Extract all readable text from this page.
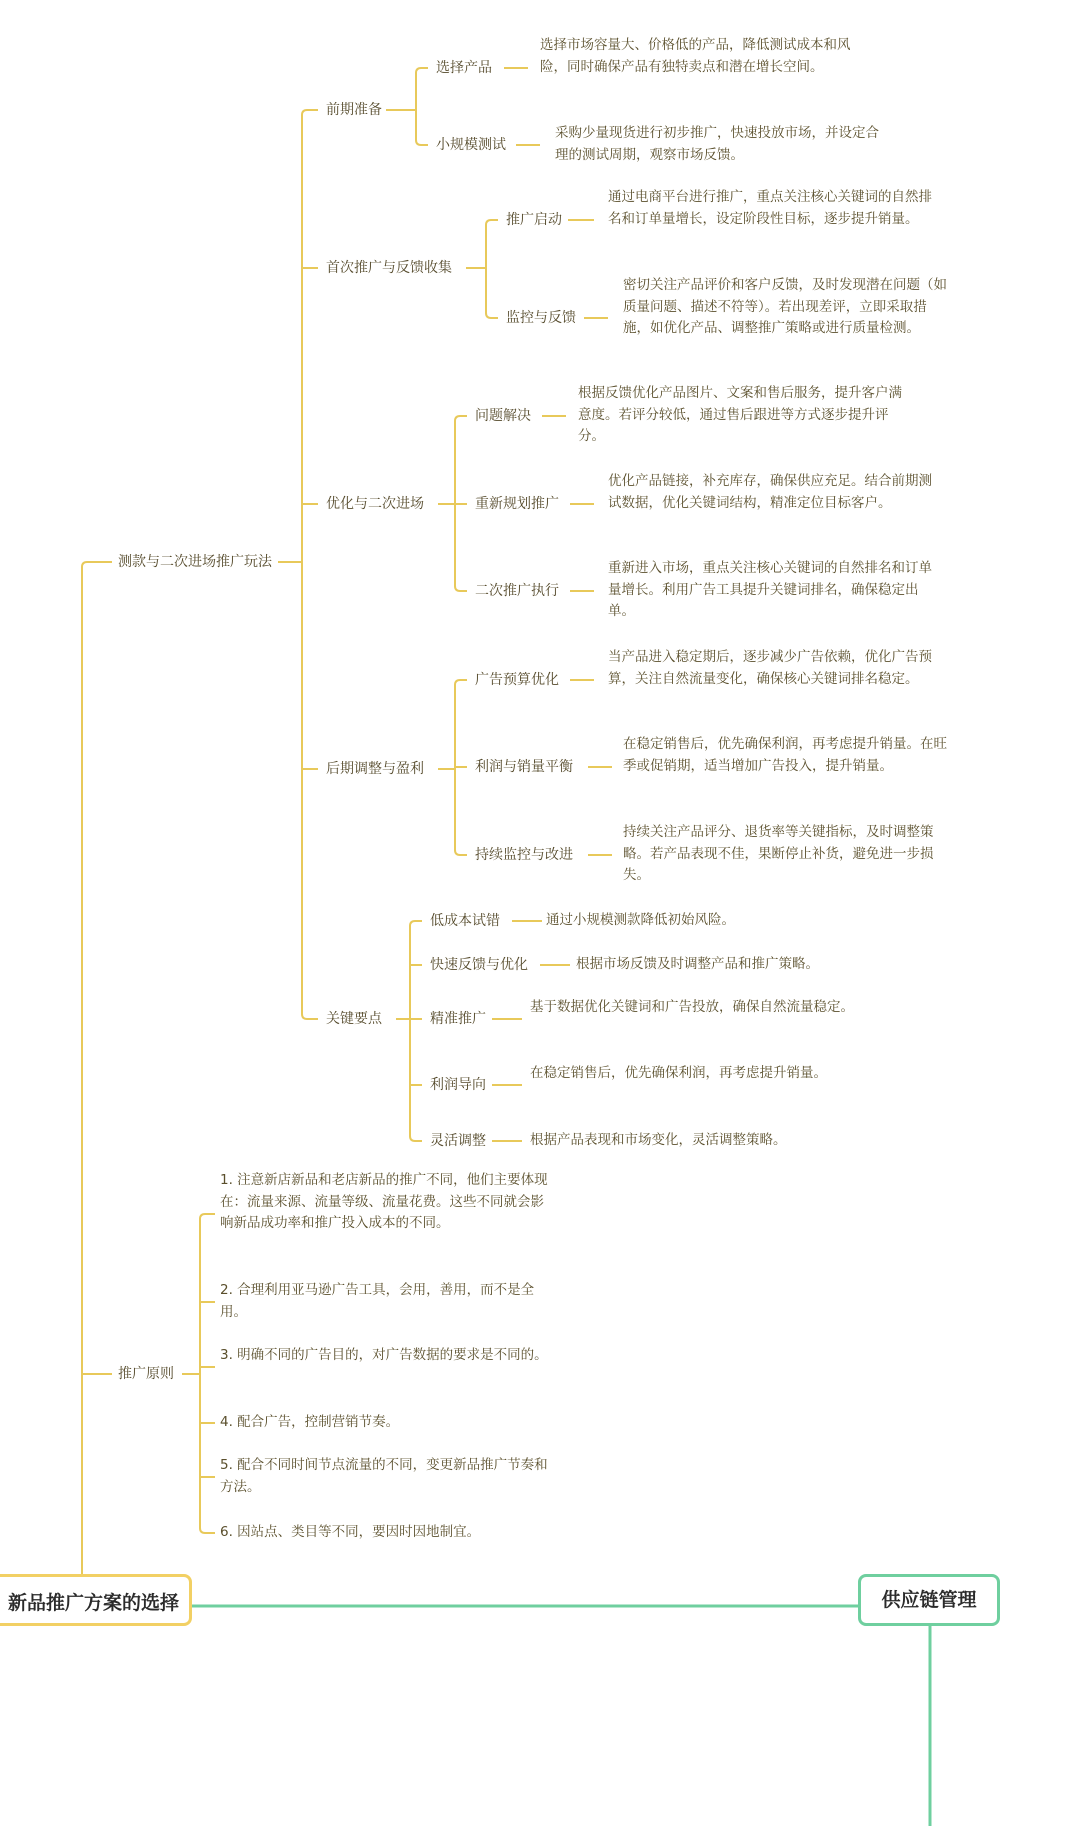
新品推广方案的选择	供应链管理
测款与二次进场推广玩法
前期准备
选择产品
选择市场容量大、价格低的产品，降低测试成本和风险，同时确保产品有独特卖点和潜在增长空间。
小规模测试
采购少量现货进行初步推广，快速投放市场，并设定合理的测试周期，观察市场反馈。
首次推广与反馈收集
推广启动
通过电商平台进行推广，重点关注核心关键词的自然排名和订单量增长，设定阶段性目标，逐步提升销量。
监控与反馈
密切关注产品评价和客户反馈，及时发现潜在问题（如质量问题、描述不符等）。若出现差评，立即采取措施，如优化产品、调整推广策略或进行质量检测。
优化与二次进场
问题解决
根据反馈优化产品图片、文案和售后服务，提升客户满意度。若评分较低，通过售后跟进等方式逐步提升评分。
重新规划推广
优化产品链接，补充库存，确保供应充足。结合前期测试数据，优化关键词结构，精准定位目标客户。
二次推广执行
重新进入市场，重点关注核心关键词的自然排名和订单量增长。利用广告工具提升关键词排名，确保稳定出单。
后期调整与盈利
广告预算优化
当产品进入稳定期后，逐步减少广告依赖，优化广告预算，关注自然流量变化，确保核心关键词排名稳定。
利润与销量平衡
在稳定销售后，优先确保利润，再考虑提升销量。在旺季或促销期，适当增加广告投入，提升销量。
持续监控与改进
持续关注产品评分、退货率等关键指标，及时调整策略。若产品表现不佳，果断停止补货，避免进一步损失。
关键要点
低成本试错	通过小规模测款降低初始风险。
快速反馈与优化	根据市场反馈及时调整产品和推广策略。
精准推广
基于数据优化关键词和广告投放，确保自然流量稳定。
利润导向
在稳定销售后，优先确保利润，再考虑提升销量。
灵活调整	根据产品表现和市场变化，灵活调整策略。
推广原则
1. 注意新店新品和老店新品的推广不同，他们主要体现在：流量来源、流量等级、流量花费。这些不同就会影响新品成功率和推广投入成本的不同。
2. 合理利用亚马逊广告工具，会用，善用，而不是全用。
3. 明确不同的广告目的，对广告数据的要求是不同的。
4. 配合广告，控制营销节奏。
5. 配合不同时间节点流量的不同，变更新品推广节奏和方法。
6. 因站点、类目等不同，要因时因地制宜。
